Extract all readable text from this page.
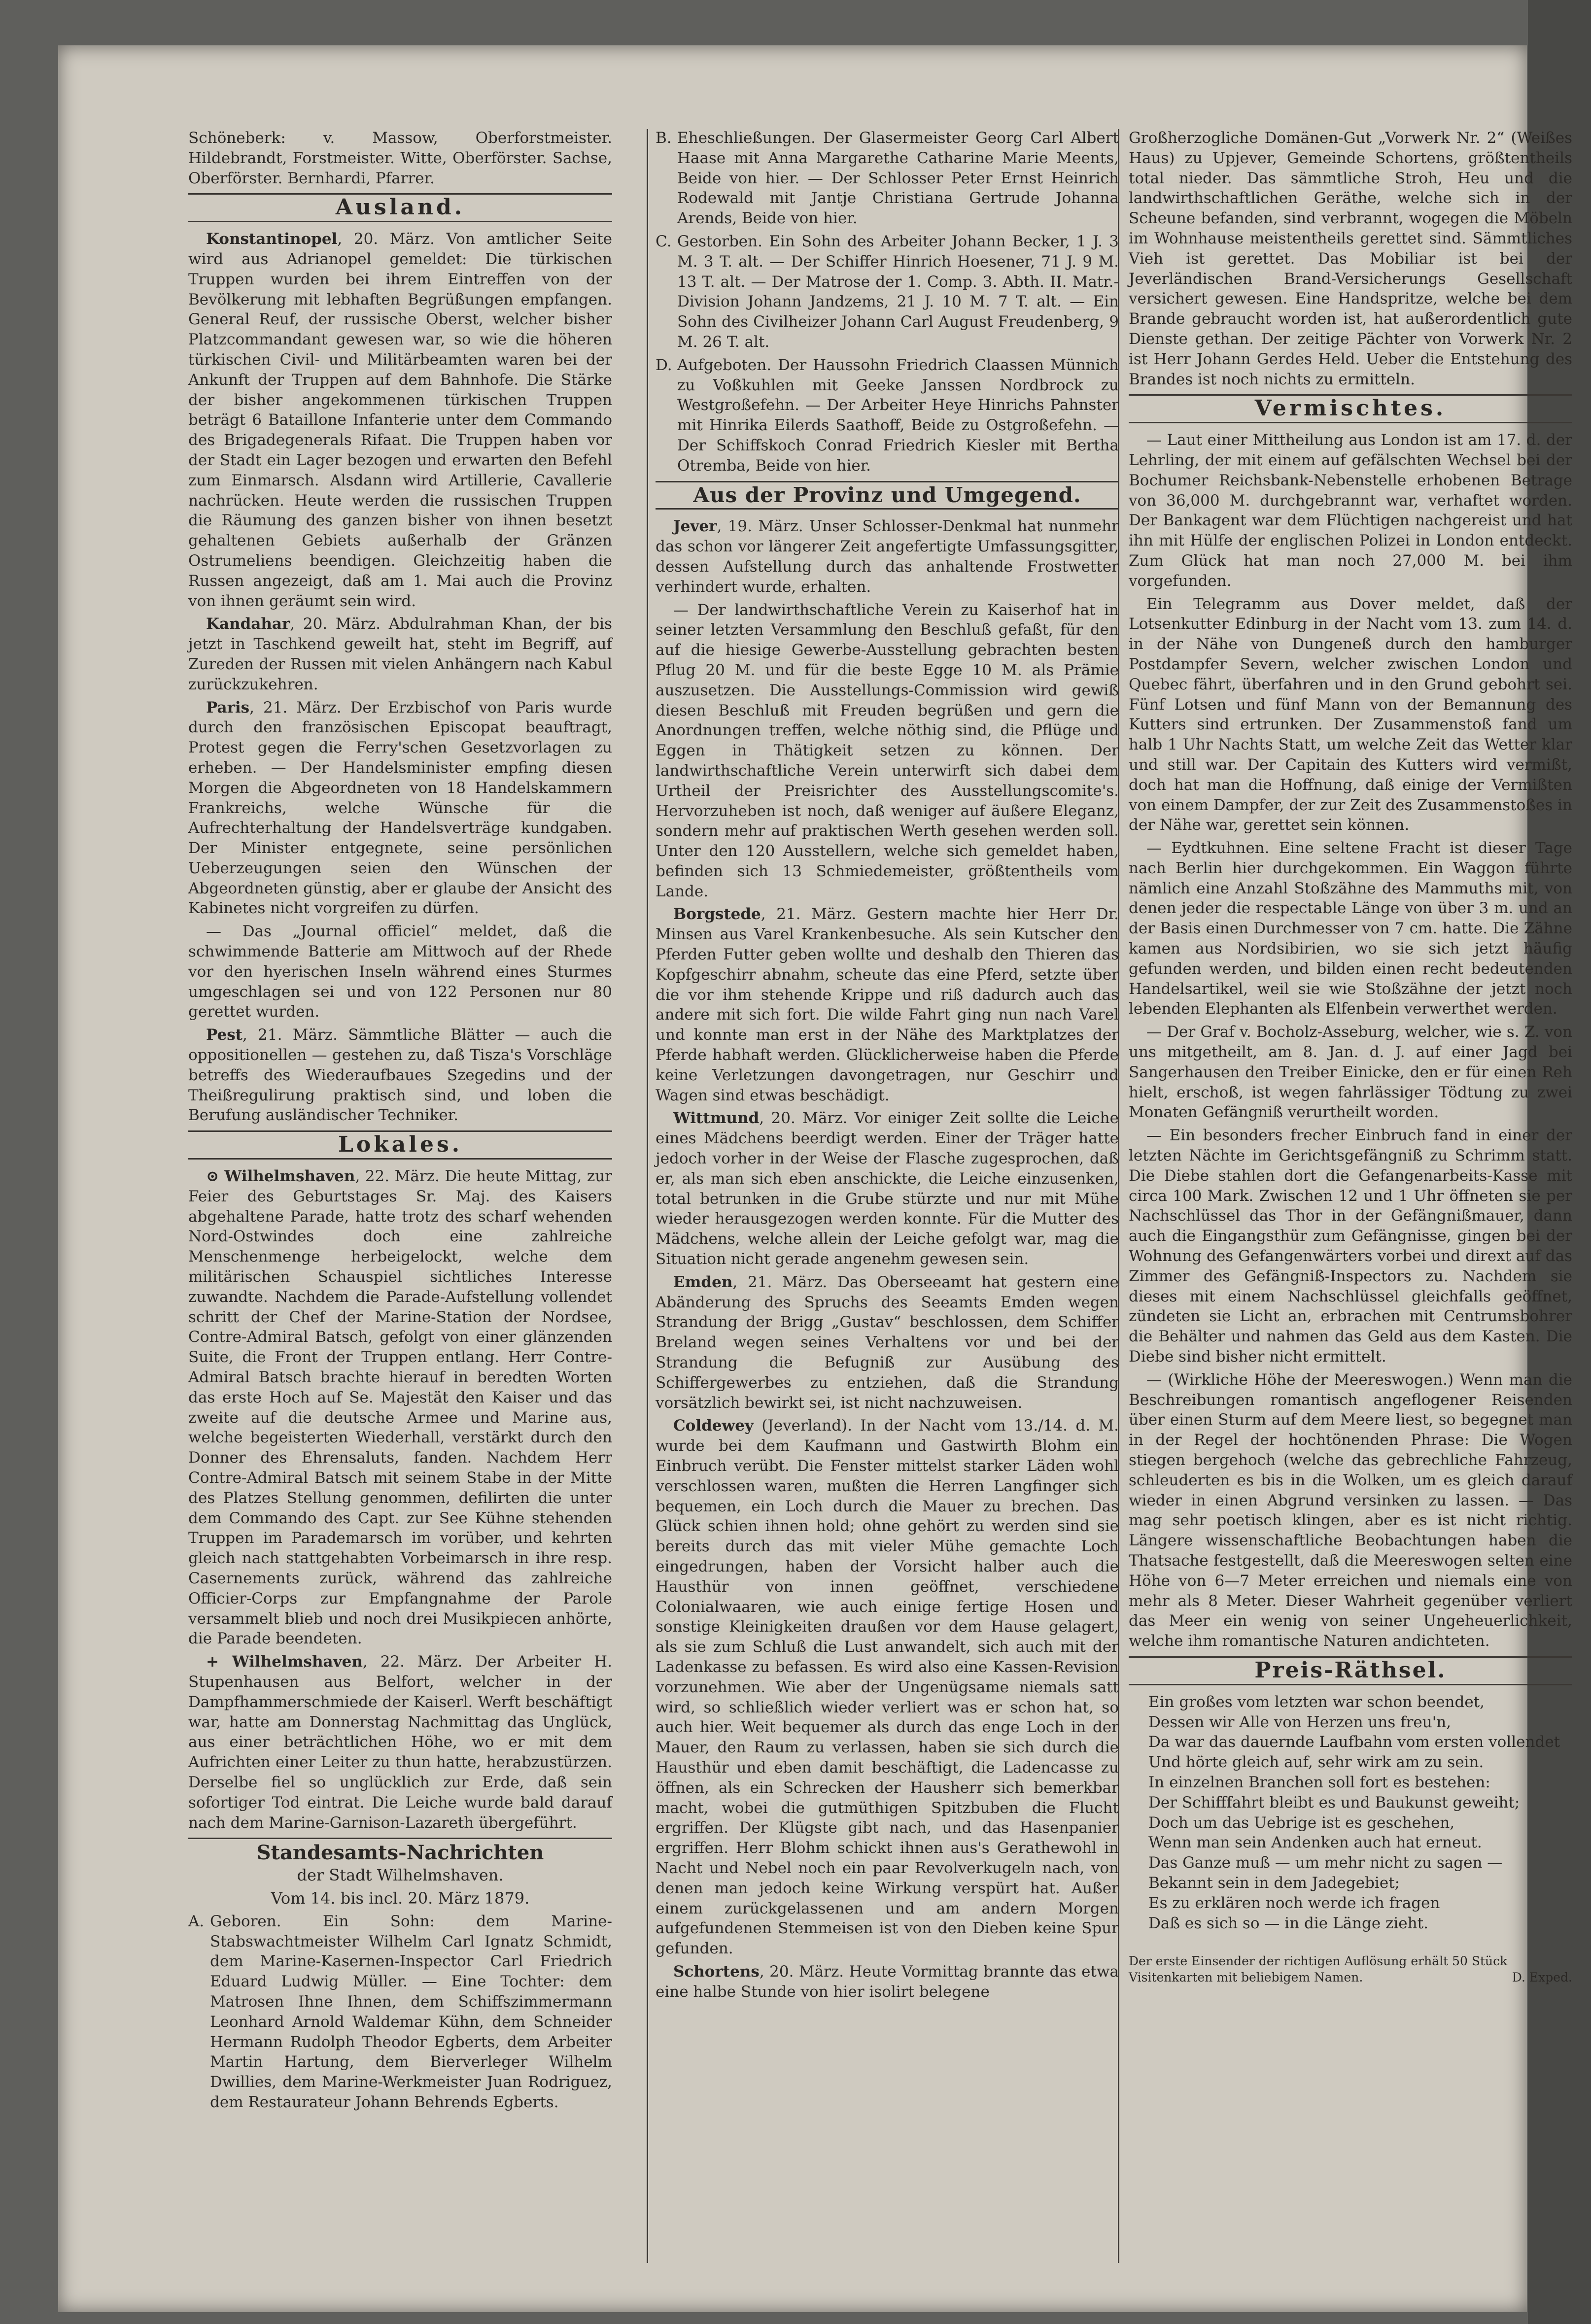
Schöneberk: v. Massow, Oberforstmeister. Hildebrandt, Forstmeister. Witte, Oberförster. Sachse, Oberförster. Bernhardi, Pfarrer.

Ausland.

Konstantinopel, 20. März. Von amtlicher Seite wird aus Adrianopel gemeldet: Die türkischen Truppen wurden bei ihrem Eintreffen von der Bevölkerung mit lebhaften Begrüßungen empfangen. General Reuf, der russische Oberst, welcher bisher Platzcommandant gewesen war, so wie die höheren türkischen Civil- und Militärbeamten waren bei der Ankunft der Truppen auf dem Bahnhofe. Die Stärke der bisher angekommenen türkischen Truppen beträgt 6 Bataillone Infanterie unter dem Commando des Brigadegenerals Rifaat. Die Truppen haben vor der Stadt ein Lager bezogen und erwarten den Befehl zum Einmarsch. Alsdann wird Artillerie, Cavallerie nachrücken. Heute werden die russischen Truppen die Räumung des ganzen bisher von ihnen besetzt gehaltenen Gebiets außerhalb der Gränzen Ostrumeliens beendigen. Gleichzeitig haben die Russen angezeigt, daß am 1. Mai auch die Provinz von ihnen geräumt sein wird.

Kandahar, 20. März. Abdulrahman Khan, der bis jetzt in Taschkend geweilt hat, steht im Begriff, auf Zureden der Russen mit vielen Anhängern nach Kabul zurückzukehren.

Paris, 21. März. Der Erzbischof von Paris wurde durch den französischen Episcopat beauftragt, Protest gegen die Ferry'schen Gesetzvorlagen zu erheben. — Der Handelsminister empfing diesen Morgen die Abgeordneten von 18 Handelskammern Frankreichs, welche Wünsche für die Aufrechterhaltung der Handelsverträge kundgaben. Der Minister entgegnete, seine persönlichen Ueberzeugungen seien den Wünschen der Abgeordneten günstig, aber er glaube der Ansicht des Kabinetes nicht vorgreifen zu dürfen.

— Das „Journal officiel“ meldet, daß die schwimmende Batterie am Mittwoch auf der Rhede vor den hyerischen Inseln während eines Sturmes umgeschlagen sei und von 122 Personen nur 80 gerettet wurden.

Pest, 21. März. Sämmtliche Blätter — auch die oppositionellen — gestehen zu, daß Tisza's Vorschläge betreffs des Wiederaufbaues Szegedins und der Theißregulirung praktisch sind, und loben die Berufung ausländischer Techniker.

Lokales.

⊙ Wilhelmshaven, 22. März. Die heute Mittag, zur Feier des Geburtstages Sr. Maj. des Kaisers abgehaltene Parade, hatte trotz des scharf wehenden Nord-Ostwindes doch eine zahlreiche Menschenmenge herbeigelockt, welche dem militärischen Schauspiel sichtliches Interesse zuwandte. Nachdem die Parade-Aufstellung vollendet schritt der Chef der Marine-Station der Nordsee, Contre-Admiral Batsch, gefolgt von einer glänzenden Suite, die Front der Truppen entlang. Herr Contre-Admiral Batsch brachte hierauf in beredten Worten das erste Hoch auf Se. Majestät den Kaiser und das zweite auf die deutsche Armee und Marine aus, welche begeisterten Wiederhall, verstärkt durch den Donner des Ehrensaluts, fanden. Nachdem Herr Contre-Admiral Batsch mit seinem Stabe in der Mitte des Platzes Stellung genommen, defilirten die unter dem Commando des Capt. zur See Kühne stehenden Truppen im Parademarsch im vorüber, und kehrten gleich nach stattgehabten Vorbeimarsch in ihre resp. Casernements zurück, während das zahlreiche Officier-Corps zur Empfangnahme der Parole versammelt blieb und noch drei Musikpiecen anhörte, die Parade beendeten.

+ Wilhelmshaven, 22. März. Der Arbeiter H. Stupenhausen aus Belfort, welcher in der Dampfhammerschmiede der Kaiserl. Werft beschäftigt war, hatte am Donnerstag Nachmittag das Unglück, aus einer beträchtlichen Höhe, wo er mit dem Aufrichten einer Leiter zu thun hatte, herabzustürzen. Derselbe fiel so unglücklich zur Erde, daß sein sofortiger Tod eintrat. Die Leiche wurde bald darauf nach dem Marine-Garnison-Lazareth übergeführt.

Standesamts-Nachrichten
der Stadt Wilhelmshaven.
Vom 14. bis incl. 20. März 1879.
A. Geboren. Ein Sohn: dem Marine-Stabswachtmeister Wilhelm Carl Ignatz Schmidt, dem Marine-Kasernen-Inspector Carl Friedrich Eduard Ludwig Müller. — Eine Tochter: dem Matrosen Ihne Ihnen, dem Schiffszimmermann Leonhard Arnold Waldemar Kühn, dem Schneider Hermann Rudolph Theodor Egberts, dem Arbeiter Martin Hartung, dem Bierverleger Wilhelm Dwillies, dem Marine-Werkmeister Juan Rodriguez, dem Restaurateur Johann Behrends Egberts.
B. Eheschließungen. Der Glasermeister Georg Carl Albert Haase mit Anna Margarethe Catharine Marie Meents, Beide von hier. — Der Schlosser Peter Ernst Heinrich Rodewald mit Jantje Christiana Gertrude Johanna Arends, Beide von hier.
C. Gestorben. Ein Sohn des Arbeiter Johann Becker, 1 J. 3 M. 3 T. alt. — Der Schiffer Hinrich Hoesener, 71 J. 9 M. 13 T. alt. — Der Matrose der 1. Comp. 3. Abth. II. Matr.-Division Johann Jandzems, 21 J. 10 M. 7 T. alt. — Ein Sohn des Civilheizer Johann Carl August Freudenberg, 9 M. 26 T. alt.
D. Aufgeboten. Der Haussohn Friedrich Claassen Münnich zu Voßkuhlen mit Geeke Janssen Nordbrock zu Westgroßefehn. — Der Arbeiter Heye Hinrichs Pahnster mit Hinrika Eilerds Saathoff, Beide zu Ostgroßefehn. — Der Schiffskoch Conrad Friedrich Kiesler mit Bertha Otremba, Beide von hier.
Aus der Provinz und Umgegend.

Jever, 19. März. Unser Schlosser-Denkmal hat nunmehr das schon vor längerer Zeit angefertigte Umfassungsgitter, dessen Aufstellung durch das anhaltende Frostwetter verhindert wurde, erhalten.

— Der landwirthschaftliche Verein zu Kaiserhof hat in seiner letzten Versammlung den Beschluß gefaßt, für den auf die hiesige Gewerbe-Ausstellung gebrachten besten Pflug 20 M. und für die beste Egge 10 M. als Prämie auszusetzen. Die Ausstellungs-Commission wird gewiß diesen Beschluß mit Freuden begrüßen und gern die Anordnungen treffen, welche nöthig sind, die Pflüge und Eggen in Thätigkeit setzen zu können. Der landwirthschaftliche Verein unterwirft sich dabei dem Urtheil der Preisrichter des Ausstellungscomite's. Hervorzuheben ist noch, daß weniger auf äußere Eleganz, sondern mehr auf praktischen Werth gesehen werden soll. Unter den 120 Ausstellern, welche sich gemeldet haben, befinden sich 13 Schmiedemeister, größtentheils vom Lande.

Borgstede, 21. März. Gestern machte hier Herr Dr. Minsen aus Varel Krankenbesuche. Als sein Kutscher den Pferden Futter geben wollte und deshalb den Thieren das Kopfgeschirr abnahm, scheute das eine Pferd, setzte über die vor ihm stehende Krippe und riß dadurch auch das andere mit sich fort. Die wilde Fahrt ging nun nach Varel und konnte man erst in der Nähe des Marktplatzes der Pferde habhaft werden. Glücklicherweise haben die Pferde keine Verletzungen davongetragen, nur Geschirr und Wagen sind etwas beschädigt.

Wittmund, 20. März. Vor einiger Zeit sollte die Leiche eines Mädchens beerdigt werden. Einer der Träger hatte jedoch vorher in der Weise der Flasche zugesprochen, daß er, als man sich eben anschickte, die Leiche einzusenken, total betrunken in die Grube stürzte und nur mit Mühe wieder herausgezogen werden konnte. Für die Mutter des Mädchens, welche allein der Leiche gefolgt war, mag die Situation nicht gerade angenehm gewesen sein.

Emden, 21. März. Das Oberseeamt hat gestern eine Abänderung des Spruchs des Seeamts Emden wegen Strandung der Brigg „Gustav“ beschlossen, dem Schiffer Breland wegen seines Verhaltens vor und bei der Strandung die Befugniß zur Ausübung des Schiffergewerbes zu entziehen, daß die Strandung vorsätzlich bewirkt sei, ist nicht nachzuweisen.

Coldewey (Jeverland). In der Nacht vom 13./14. d. M. wurde bei dem Kaufmann und Gastwirth Blohm ein Einbruch verübt. Die Fenster mittelst starker Läden wohl verschlossen waren, mußten die Herren Langfinger sich bequemen, ein Loch durch die Mauer zu brechen. Das Glück schien ihnen hold; ohne gehört zu werden sind sie bereits durch das mit vieler Mühe gemachte Loch eingedrungen, haben der Vorsicht halber auch die Hausthür von innen geöffnet, verschiedene Colonialwaaren, wie auch einige fertige Hosen und sonstige Kleinigkeiten draußen vor dem Hause gelagert, als sie zum Schluß die Lust anwandelt, sich auch mit der Ladenkasse zu befassen. Es wird also eine Kassen-Revision vorzunehmen. Wie aber der Ungenügsame niemals satt wird, so schließlich wieder verliert was er schon hat, so auch hier. Weit bequemer als durch das enge Loch in der Mauer, den Raum zu verlassen, haben sie sich durch die Hausthür und eben damit beschäftigt, die Ladencasse zu öffnen, als ein Schrecken der Hausherr sich bemerkbar macht, wobei die gutmüthigen Spitzbuben die Flucht ergriffen. Der Klügste gibt nach, und das Hasenpanier ergriffen. Herr Blohm schickt ihnen aus's Gerathewohl in Nacht und Nebel noch ein paar Revolverkugeln nach, von denen man jedoch keine Wirkung verspürt hat. Außer einem zurückgelassenen und am andern Morgen aufgefundenen Stemmeisen ist von den Dieben keine Spur gefunden.

Schortens, 20. März. Heute Vormittag brannte das etwa eine halbe Stunde von hier isolirt belegene

Großherzogliche Domänen-Gut „Vorwerk Nr. 2“ (Weißes Haus) zu Upjever, Gemeinde Schortens, größtentheils total nieder. Das sämmtliche Stroh, Heu und die landwirthschaftlichen Geräthe, welche sich in der Scheune befanden, sind verbrannt, wogegen die Möbeln im Wohnhause meistentheils gerettet sind. Sämmtliches Vieh ist gerettet. Das Mobiliar ist bei der Jeverländischen Brand-Versicherungs Gesellschaft versichert gewesen. Eine Handspritze, welche bei dem Brande gebraucht worden ist, hat außerordentlich gute Dienste gethan. Der zeitige Pächter von Vorwerk Nr. 2 ist Herr Johann Gerdes Held. Ueber die Entstehung des Brandes ist noch nichts zu ermitteln.

Vermischtes.

— Laut einer Mittheilung aus London ist am 17. d. der Lehrling, der mit einem auf gefälschten Wechsel bei der Bochumer Reichsbank-Nebenstelle erhobenen Betrage von 36,000 M. durchgebrannt war, verhaftet worden. Der Bankagent war dem Flüchtigen nachgereist und hat ihn mit Hülfe der englischen Polizei in London entdeckt. Zum Glück hat man noch 27,000 M. bei ihm vorgefunden.

Ein Telegramm aus Dover meldet, daß der Lotsenkutter Edinburg in der Nacht vom 13. zum 14. d. in der Nähe von Dungeneß durch den hamburger Postdampfer Severn, welcher zwischen London und Quebec fährt, überfahren und in den Grund gebohrt sei. Fünf Lotsen und fünf Mann von der Bemannung des Kutters sind ertrunken. Der Zusammenstoß fand um halb 1 Uhr Nachts Statt, um welche Zeit das Wetter klar und still war. Der Capitain des Kutters wird vermißt, doch hat man die Hoffnung, daß einige der Vermißten von einem Dampfer, der zur Zeit des Zusammenstoßes in der Nähe war, gerettet sein können.

— Eydtkuhnen. Eine seltene Fracht ist dieser Tage nach Berlin hier durchgekommen. Ein Waggon führte nämlich eine Anzahl Stoßzähne des Mammuths mit, von denen jeder die respectable Länge von über 3 m. und an der Basis einen Durchmesser von 7 cm. hatte. Die Zähne kamen aus Nordsibirien, wo sie sich jetzt häufig gefunden werden, und bilden einen recht bedeutenden Handelsartikel, weil sie wie Stoßzähne der jetzt noch lebenden Elephanten als Elfenbein verwerthet werden.

— Der Graf v. Bocholz-Asseburg, welcher, wie s. Z. von uns mitgetheilt, am 8. Jan. d. J. auf einer Jagd bei Sangerhausen den Treiber Einicke, den er für einen Reh hielt, erschoß, ist wegen fahrlässiger Tödtung zu zwei Monaten Gefängniß verurtheilt worden.

— Ein besonders frecher Einbruch fand in einer der letzten Nächte im Gerichtsgefängniß zu Schrimm statt. Die Diebe stahlen dort die Gefangenarbeits-Kasse mit circa 100 Mark. Zwischen 12 und 1 Uhr öffneten sie per Nachschlüssel das Thor in der Gefängnißmauer, dann auch die Eingangsthür zum Gefängnisse, gingen bei der Wohnung des Gefangenwärters vorbei und dirext auf das Zimmer des Gefängniß-Inspectors zu. Nachdem sie dieses mit einem Nachschlüssel gleichfalls geöffnet, zündeten sie Licht an, erbrachen mit Centrumsbohrer die Behälter und nahmen das Geld aus dem Kasten. Die Diebe sind bisher nicht ermittelt.

— (Wirkliche Höhe der Meereswogen.) Wenn man die Beschreibungen romantisch angeflogener Reisenden über einen Sturm auf dem Meere liest, so begegnet man in der Regel der hochtönenden Phrase: Die Wogen stiegen bergehoch (welche das gebrechliche Fahrzeug, schleuderten es bis in die Wolken, um es gleich darauf wieder in einen Abgrund versinken zu lassen. — Das mag sehr poetisch klingen, aber es ist nicht richtig. Längere wissenschaftliche Beobachtungen haben die Thatsache festgestellt, daß die Meereswogen selten eine Höhe von 6—7 Meter erreichen und niemals eine von mehr als 8 Meter. Dieser Wahrheit gegenüber verliert das Meer ein wenig von seiner Ungeheuerlichkeit, welche ihm romantische Naturen andichteten.

Preis-Räthsel.
Ein großes vom letzten war schon beendet,
Dessen wir Alle von Herzen uns freu'n,
Da war das dauernde Laufbahn vom ersten vollendet
Und hörte gleich auf, sehr wirk am zu sein.
In einzelnen Branchen soll fort es bestehen:
Der Schifffahrt bleibt es und Baukunst geweiht;
Doch um das Uebrige ist es geschehen,
Wenn man sein Andenken auch hat erneut.
Das Ganze muß — um mehr nicht zu sagen —
Bekannt sein in dem Jadegebiet;
Es zu erklären noch werde ich fragen
Daß es sich so — in die Länge zieht.
Der erste Einsender der richtigen Auflösung erhält 50 Stück Visitenkarten mit beliebigem Namen.	D. Exped.
